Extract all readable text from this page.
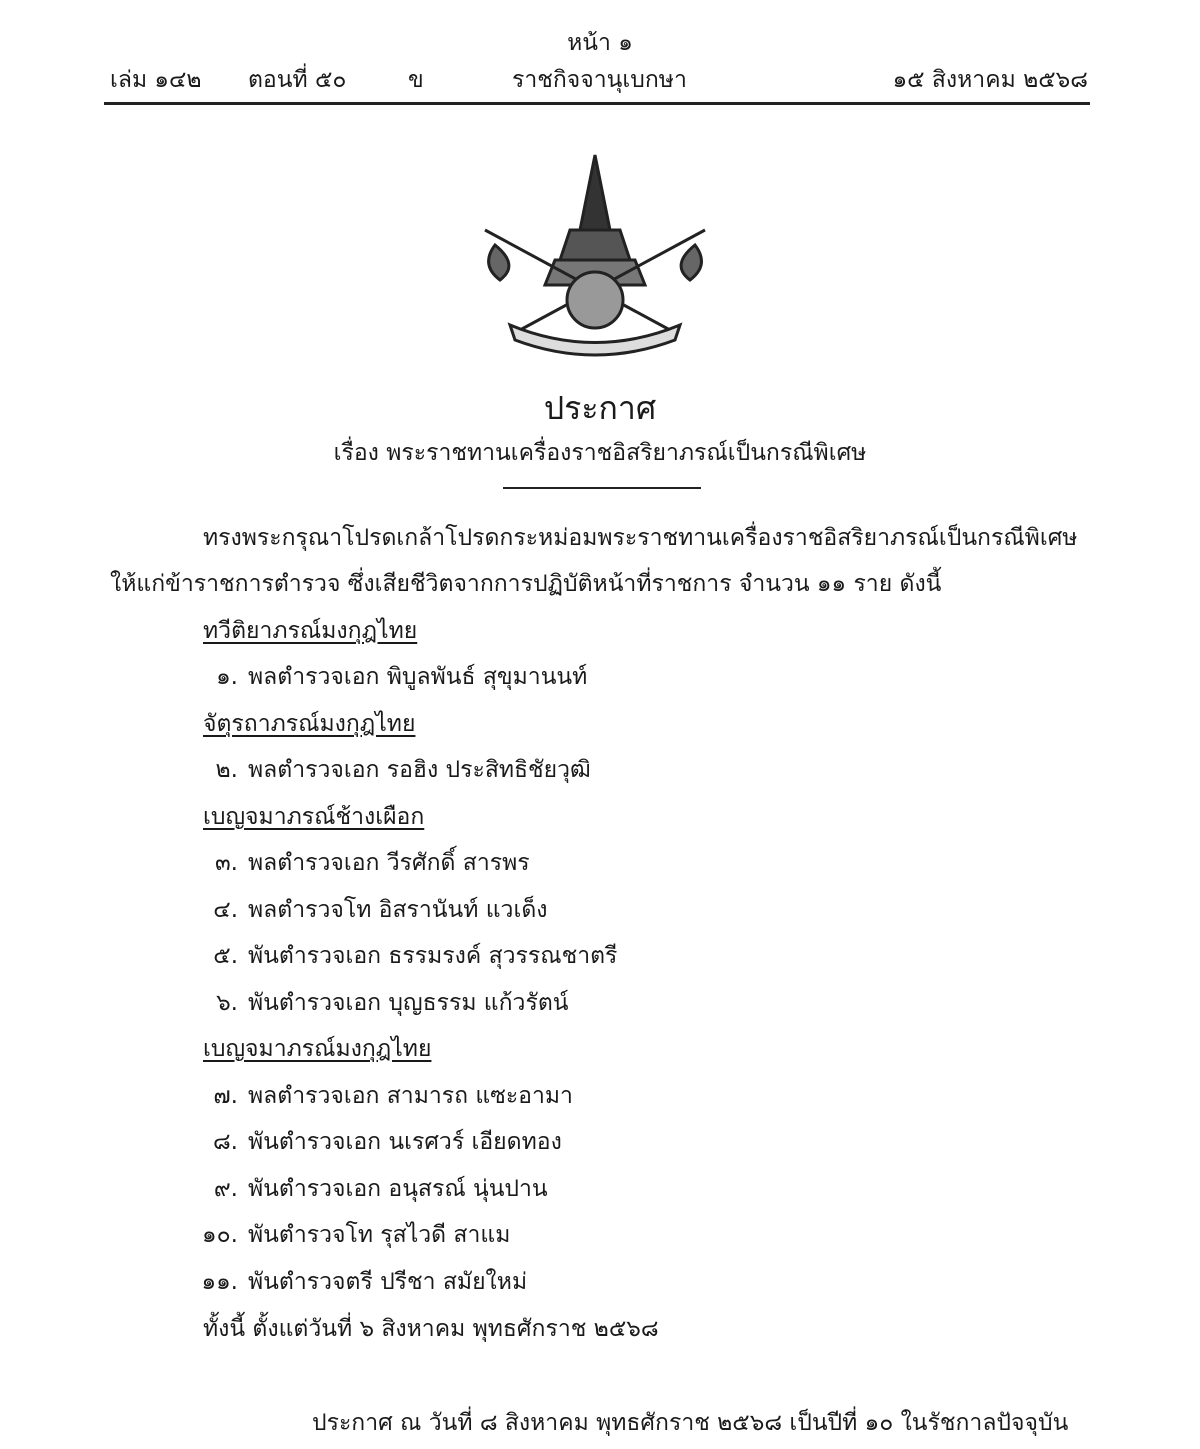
หน้า ๑
เล่ม ๑๔๒ ตอนที่ ๕๐	ข	ราชกิจจานุเบกษา	๑๕ สิงหาคม ๒๕๖๘
ประกาศ
เรื่อง พระราชทานเครื่องราชอิสริยาภรณ์เป็นกรณีพิเศษ
ทรงพระกรุณาโปรดเกล้าโปรดกระหม่อมพระราชทานเครื่องราชอิสริยาภรณ์เป็นกรณีพิเศษ
ให้แก่ข้าราชการตำรวจ ซึ่งเสียชีวิตจากการปฏิบัติหน้าที่ราชการ จำนวน ๑๑ ราย ดังนี้
ทวีติยาภรณ์มงกุฎไทย
๑. พลตำรวจเอก พิบูลพันธ์ สุขุมานนท์
จัตุรถาภรณ์มงกุฎไทย
๒. พลตำรวจเอก รอฮิง ประสิทธิชัยวุฒิ
เบญจมาภรณ์ช้างเผือก
๓. พลตำรวจเอก วีรศักดิ์ สารพร
๔. พลตำรวจโท อิสรานันท์ แวเด็ง
๕. พันตำรวจเอก ธรรมรงค์ สุวรรณชาตรี
๖. พันตำรวจเอก บุญธรรม แก้วรัตน์
เบญจมาภรณ์มงกุฎไทย
๗. พลตำรวจเอก สามารถ แซะอามา
๘. พันตำรวจเอก นเรศวร์ เอียดทอง
๙. พันตำรวจเอก อนุสรณ์ นุ่นปาน
๑๐. พันตำรวจโท รุสไวดี สาแม
๑๑. พันตำรวจตรี ปรีชา สมัยใหม่
ทั้งนี้ ตั้งแต่วันที่ ๖ สิงหาคม พุทธศักราช ๒๕๖๘
ประกาศ ณ วันที่ ๘ สิงหาคม พุทธศักราช ๒๕๖๘ เป็นปีที่ ๑๐ ในรัชกาลปัจจุบัน
